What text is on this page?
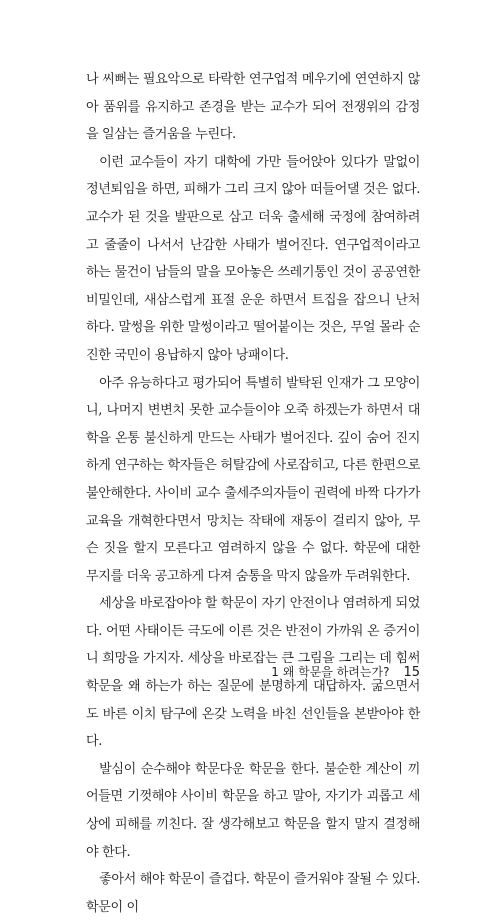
나 씨뻐는 필요악으로 타락한 연구업적 메우기에 연연하지 않아 품위를 유지하고 존경을 받는 교수가 되어 전쟁위의 감정을 일삼는 즐거움을 누린다.

이런 교수들이 자기 대학에 가만 들어앉아 있다가 말없이 정년퇴임을 하면, 피해가 그리 크지 않아 떠들어댈 것은 없다. 교수가 된 것을 발판으로 삼고 더욱 출세해 국정에 참여하려고 줄줄이 나서서 난감한 사태가 벌어진다. 연구업적이라고 하는 물건이 남들의 말을 모아놓은 쓰레기통인 것이 공공연한 비밀인데, 새삼스럽게 표절 운운 하면서 트집을 잡으니 난처하다. 말썽을 위한 말썽이라고 떨어붙이는 것은, 무얼 몰라 순진한 국민이 용납하지 않아 낭패이다.

아주 유능하다고 평가되어 특별히 발탁된 인재가 그 모양이니, 나머지 변변치 못한 교수들이야 오죽 하겠는가 하면서 대학을 온통 불신하게 만드는 사태가 벌어진다. 깊이 숨어 진지하게 연구하는 학자들은 허탈감에 사로잡히고, 다른 한편으로 불안해한다. 사이비 교수 출세주의자들이 권력에 바짝 다가가 교육을 개혁한다면서 망치는 작태에 재동이 걸리지 않아, 무슨 짓을 할지 모른다고 염려하지 않을 수 없다. 학문에 대한 무지를 더욱 공고하게 다져 숨통을 막지 않을까 두려워한다.

세상을 바로잡아야 할 학문이 자기 안전이나 염려하게 되었다. 어떤 사태이든 극도에 이른 것은 반전이 가까워 온 증거이니 희망을 가지자. 세상을 바로잡는 큰 그림을 그리는 데 힘써 학문을 왜 하는가 하는 질문에 분명하게 대답하자. 굶으면서도 바른 이치 탐구에 온갖 노력을 바친 선인들을 본받아야 한다.

발심이 순수해야 학문다운 학문을 한다. 불순한 계산이 끼어들면 기껏해야 사이비 학문을 하고 말아, 자기가 괴롭고 세상에 피해를 끼친다. 잘 생각해보고 학문을 할지 말지 결정해야 한다.

좋아서 해야 학문이 즐겁다. 학문이 즐거워야 잘될 수 있다. 학문이 이

1 왜 학문을 하려는가? 15
